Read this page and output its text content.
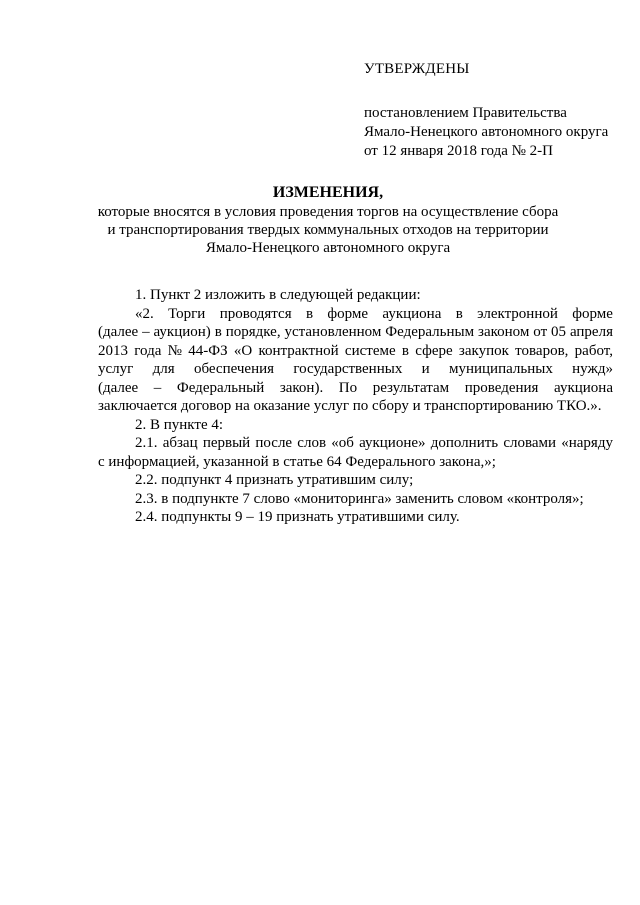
УТВЕРЖДЕНЫ
постановлением Правительства
Ямало-Ненецкого автономного округа
от 12 января 2018 года № 2-П
ИЗМЕНЕНИЯ,
которые вносятся в условия проведения торгов на осуществление сбора
и транспортирования твердых коммунальных отходов на территории
Ямало-Ненецкого автономного округа
1. Пункт 2 изложить в следующей редакции:
«2. Торги проводятся в форме аукциона в электронной форме
(далее – аукцион) в порядке, установленном Федеральным законом от 05 апреля
2013 года № 44-ФЗ «О контрактной системе в сфере закупок товаров, работ,
услуг для обеспечения государственных и муниципальных нужд»
(далее – Федеральный закон). По результатам проведения аукциона
заключается договор на оказание услуг по сбору и транспортированию ТКО.».
2. В пункте 4:
2.1. абзац первый после слов «об аукционе» дополнить словами «наряду
с информацией, указанной в статье 64 Федерального закона,»;
2.2. подпункт 4 признать утратившим силу;
2.3. в подпункте 7 слово «мониторинга» заменить словом «контроля»;
2.4. подпункты 9 – 19 признать утратившими силу.
